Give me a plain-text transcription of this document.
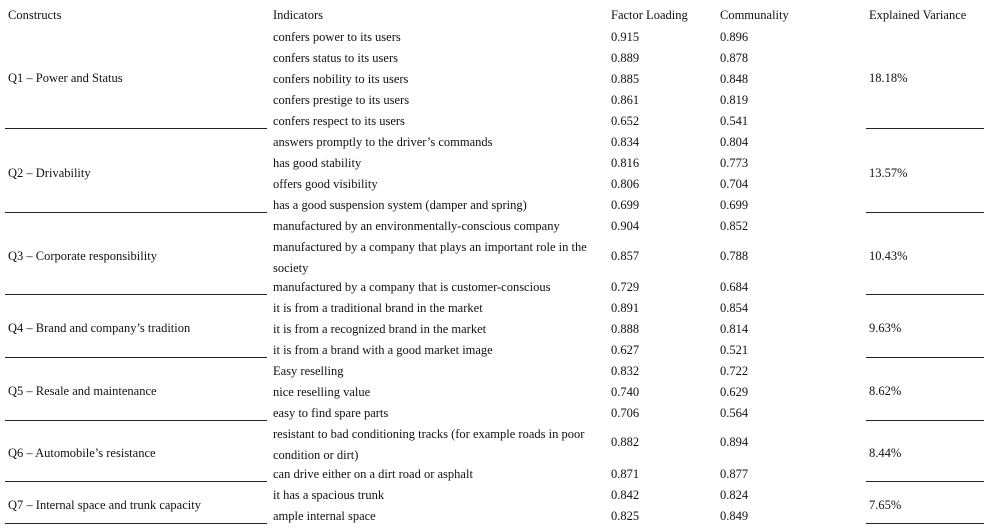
Constructs	Indicators	Factor Loading	Communality	Explained Variance
Q1 – Power and Status	18.18%
confers power to its users	0.915	0.896
confers status to its users	0.889	0.878
confers nobility to its users	0.885	0.848
confers prestige to its users	0.861	0.819
confers respect to its users	0.652	0.541
Q2 – Drivability	13.57%
answers promptly to the driver’s commands	0.834	0.804
has good stability	0.816	0.773
offers good visibility	0.806	0.704
has a good suspension system (damper and spring)	0.699	0.699
Q3 – Corporate responsibility	10.43%
manufactured by an environmentally-conscious company	0.904	0.852
manufactured by a company that plays an important role in the society
0.857	0.788
manufactured by a company that is customer-conscious	0.729	0.684
Q4 – Brand and company’s tradition	9.63%
it is from a traditional brand in the market	0.891	0.854
it is from a recognized brand in the market	0.888	0.814
it is from a brand with a good market image	0.627	0.521
Q5 – Resale and maintenance	8.62%
Easy reselling	0.832	0.722
nice reselling value	0.740	0.629
easy to find spare parts	0.706	0.564
Q6 – Automobile’s resistance	8.44%
resistant to bad conditioning tracks (for example roads in poor condition or dirt)
0.882	0.894
can drive either on a dirt road or asphalt	0.871	0.877
Q7 – Internal space and trunk capacity	7.65%
it has a spacious trunk	0.842	0.824
ample internal space	0.825	0.849
